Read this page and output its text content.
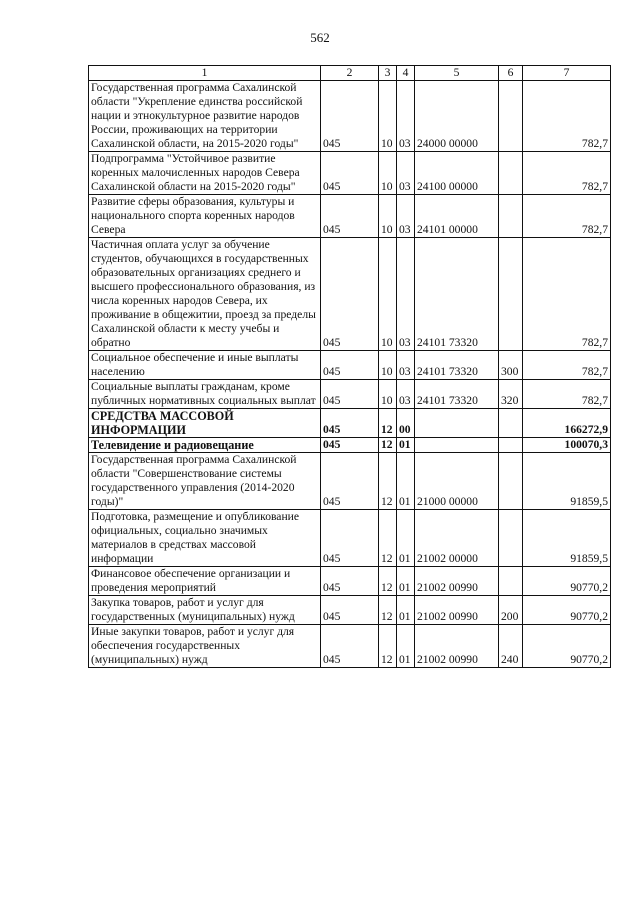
562
1	2	3	4	5	6	7
Государственная программа Сахалинской области "Укрепление единства российской нации и этнокультурное развитие народов России, проживающих на территории Сахалинской области, на 2015-2020 годы"	045	10	03	24000 00000		782,7
Подпрограмма "Устойчивое развитие коренных малочисленных народов Севера Сахалинской области на 2015-2020 годы"	045	10	03	24100 00000		782,7
Развитие сферы образования, культуры и национального спорта коренных народов Севера	045	10	03	24101 00000		782,7
Частичная оплата услуг за обучение студентов, обучающихся в государственных образовательных организациях среднего и высшего профессионального образования, из числа коренных народов Севера, их проживание в общежитии, проезд за пределы Сахалинской области к месту учебы и обратно	045	10	03	24101 73320		782,7
Социальное обеспечение и иные выплаты населению	045	10	03	24101 73320	300	782,7
Социальные выплаты гражданам, кроме публичных нормативных социальных выплат	045	10	03	24101 73320	320	782,7
СРЕДСТВА МАССОВОЙ ИНФОРМАЦИИ	045	12	00			166272,9
Телевидение и радиовещание	045	12	01			100070,3
Государственная программа Сахалинской области "Совершенствование системы государственного управления (2014-2020 годы)"	045	12	01	21000 00000		91859,5
Подготовка, размещение и опубликование официальных, социально значимых материалов в средствах массовой информации	045	12	01	21002 00000		91859,5
Финансовое обеспечение организации и проведения мероприятий	045	12	01	21002 00990		90770,2
Закупка товаров, работ и услуг для государственных (муниципальных) нужд	045	12	01	21002 00990	200	90770,2
Иные закупки товаров, работ и услуг для обеспечения государственных (муниципальных) нужд	045	12	01	21002 00990	240	90770,2
